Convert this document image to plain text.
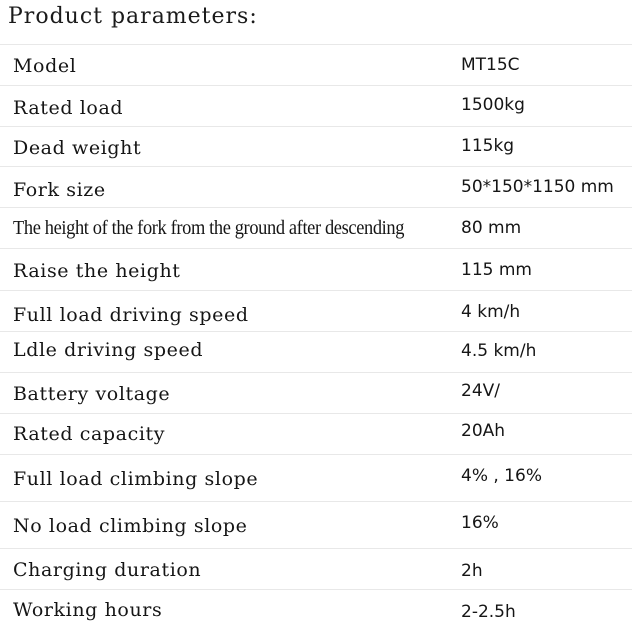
Product parameters:
Model	MT15C
Rated load	1500kg
Dead weight	115kg
Fork size	50*150*1150 mm
The height of the fork from the ground after descending	80 mm
Raise the height	115 mm
Full load driving speed	4 km/h
Ldle driving speed	4.5 km/h
Battery voltage	24V/
Rated capacity	20Ah
Full load climbing slope	4% , 16%
No load climbing slope	16%
Charging duration	2h
Working hours	2-2.5h
